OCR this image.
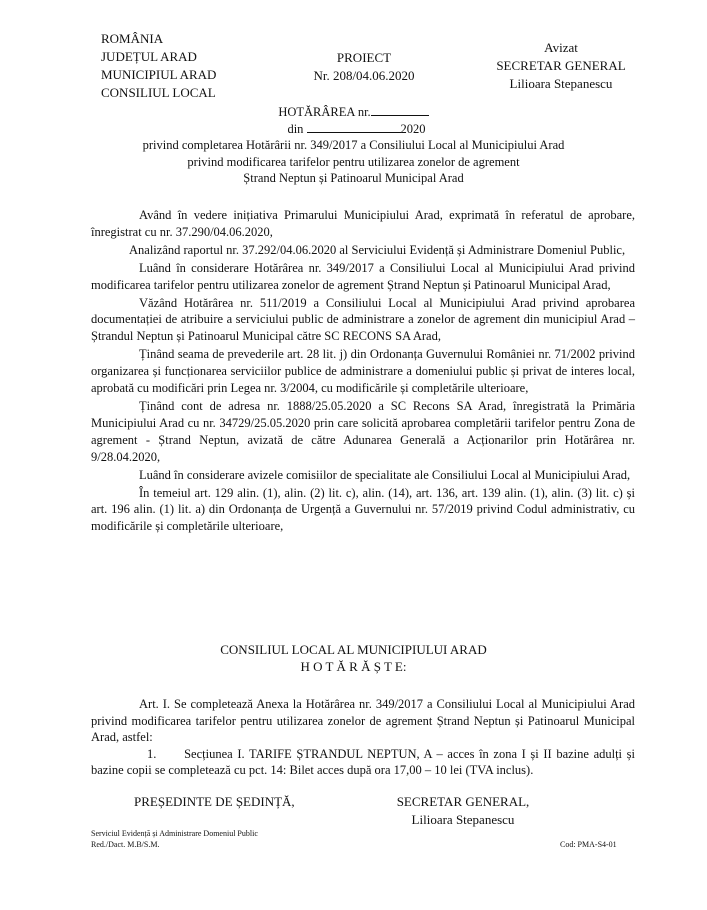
ROMÂNIA
JUDEȚUL ARAD
MUNICIPIUL ARAD
CONSILIUL LOCAL
PROIECT
Nr. 208/04.06.2020
Avizat
SECRETAR GENERAL
Lilioara Stepanescu
HOTĂRÂREA nr.
din	2020
privind completarea Hotărârii nr. 349/2017 a Consiliului Local al Municipiului Arad
privind modificarea tarifelor pentru utilizarea zonelor de agrement
Ștrand Neptun și Patinoarul Municipal Arad

Având în vedere inițiativa Primarului Municipiului Arad, exprimată în referatul de aprobare, înregistrat cu nr. 37.290/04.06.2020,

Analizând raportul nr. 37.292/04.06.2020 al Serviciului Evidență și Administrare Domeniul Public,

Luând în considerare Hotărârea nr. 349/2017 a Consiliului Local al Municipiului Arad privind modificarea tarifelor pentru utilizarea zonelor de agrement Ștrand Neptun și Patinoarul Municipal Arad,

Văzând Hotărârea nr. 511/2019 a Consiliului Local al Municipiului Arad privind aprobarea documentației de atribuire a serviciului public de administrare a zonelor de agrement din municipiul Arad – Ștrandul Neptun și Patinoarul Municipal către SC RECONS SA Arad,

Ținând seama de prevederile art. 28 lit. j) din Ordonanța Guvernului României nr. 71/2002 privind organizarea și funcționarea serviciilor publice de administrare a domeniului public și privat de interes local, aprobată cu modificări prin Legea nr. 3/2004, cu modificările și completările ulterioare,

Ținând cont de adresa nr. 1888/25.05.2020 a SC Recons SA Arad, înregistrată la Primăria Municipiului Arad cu nr. 34729/25.05.2020 prin care solicită aprobarea completării tarifelor pentru Zona de agrement - Ștrand Neptun, avizată de către Adunarea Generală a Acționarilor prin Hotărârea nr. 9/28.04.2020,

Luând în considerare avizele comisiilor de specialitate ale Consiliului Local al Municipiului Arad,

În temeiul art. 129 alin. (1), alin. (2) lit. c), alin. (14), art. 136, art. 139 alin. (1), alin. (3) lit. c) și art. 196 alin. (1) lit. a) din Ordonanța de Urgență a Guvernului nr. 57/2019 privind Codul administrativ, cu modificările și completările ulterioare,

CONSILIUL LOCAL AL MUNICIPIULUI ARAD
H O T Ă R Ă Ș T E:

Art. I. Se completează Anexa la Hotărârea nr. 349/2017 a Consiliului Local al Municipiului Arad privind modificarea tarifelor pentru utilizarea zonelor de agrement Ștrand Neptun și Patinoarul Municipal Arad, astfel:

1.      Secțiunea I. TARIFE ȘTRANDUL NEPTUN, A – acces în zona I și II bazine adulți și bazine copii se completează cu pct. 14: Bilet acces după ora 17,00 – 10 lei (TVA inclus).

PREȘEDINTE DE ȘEDINȚĂ,	SECRETAR GENERAL,
Lilioara Stepanescu
Serviciul Evidență și Administrare Domeniul Public
Red./Dact. M.B/S.M.	Cod: PMA-S4-01
